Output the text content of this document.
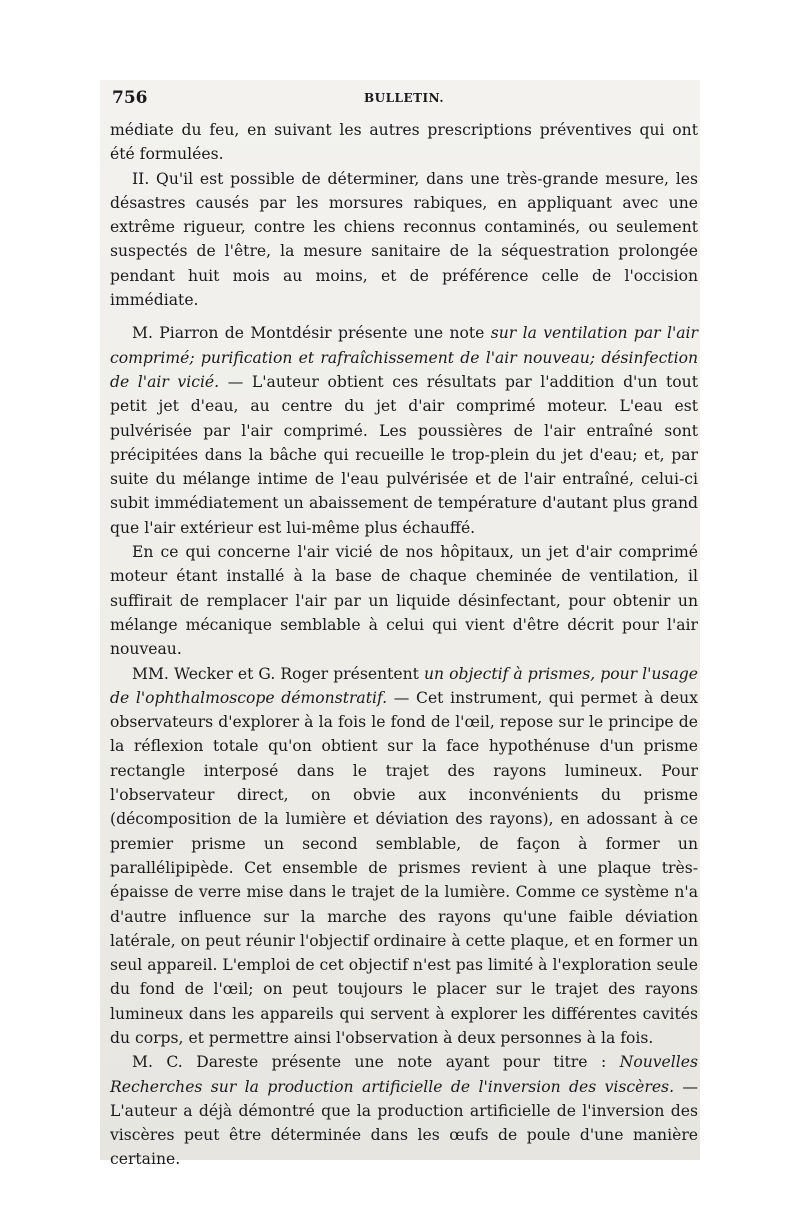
756	BULLETIN.

médiate du feu, en suivant les autres prescriptions préventives qui ont été formulées.

II. Qu'il est possible de déterminer, dans une très-grande mesure, les désastres causés par les morsures rabiques, en appliquant avec une extrême rigueur, contre les chiens reconnus contaminés, ou seulement suspectés de l'être, la mesure sanitaire de la séquestration prolongée pendant huit mois au moins, et de préférence celle de l'occision immédiate.

M. Piarron de Montdésir présente une note sur la ventilation par l'air comprimé; purification et rafraîchissement de l'air nouveau; désinfection de l'air vicié. — L'auteur obtient ces résultats par l'addition d'un tout petit jet d'eau, au centre du jet d'air comprimé moteur. L'eau est pulvérisée par l'air comprimé. Les poussières de l'air entraîné sont précipitées dans la bâche qui recueille le trop-plein du jet d'eau; et, par suite du mélange intime de l'eau pulvérisée et de l'air entraîné, celui-ci subit immédiatement un abaissement de température d'autant plus grand que l'air extérieur est lui-même plus échauffé.

En ce qui concerne l'air vicié de nos hôpitaux, un jet d'air comprimé moteur étant installé à la base de chaque cheminée de ventilation, il suffirait de remplacer l'air par un liquide désinfectant, pour obtenir un mélange mécanique semblable à celui qui vient d'être décrit pour l'air nouveau.

MM. Wecker et G. Roger présentent un objectif à prismes, pour l'usage de l'ophthalmoscope démonstratif. — Cet instrument, qui permet à deux observateurs d'explorer à la fois le fond de l'œil, repose sur le principe de la réflexion totale qu'on obtient sur la face hypothénuse d'un prisme rectangle interposé dans le trajet des rayons lumineux. Pour l'observateur direct, on obvie aux inconvénients du prisme (décomposition de la lumière et déviation des rayons), en adossant à ce premier prisme un second semblable, de façon à former un parallélipipède. Cet ensemble de prismes revient à une plaque très-épaisse de verre mise dans le trajet de la lumière. Comme ce système n'a d'autre influence sur la marche des rayons qu'une faible déviation latérale, on peut réunir l'objectif ordinaire à cette plaque, et en former un seul appareil. L'emploi de cet objectif n'est pas limité à l'exploration seule du fond de l'œil; on peut toujours le placer sur le trajet des rayons lumineux dans les appareils qui servent à explorer les différentes cavités du corps, et permettre ainsi l'observation à deux personnes à la fois.

M. C. Dareste présente une note ayant pour titre : Nouvelles Recherches sur la production artificielle de l'inversion des viscères. — L'auteur a déjà démontré que la production artificielle de l'inversion des viscères peut être déterminée dans les œufs de poule d'une manière certaine.
